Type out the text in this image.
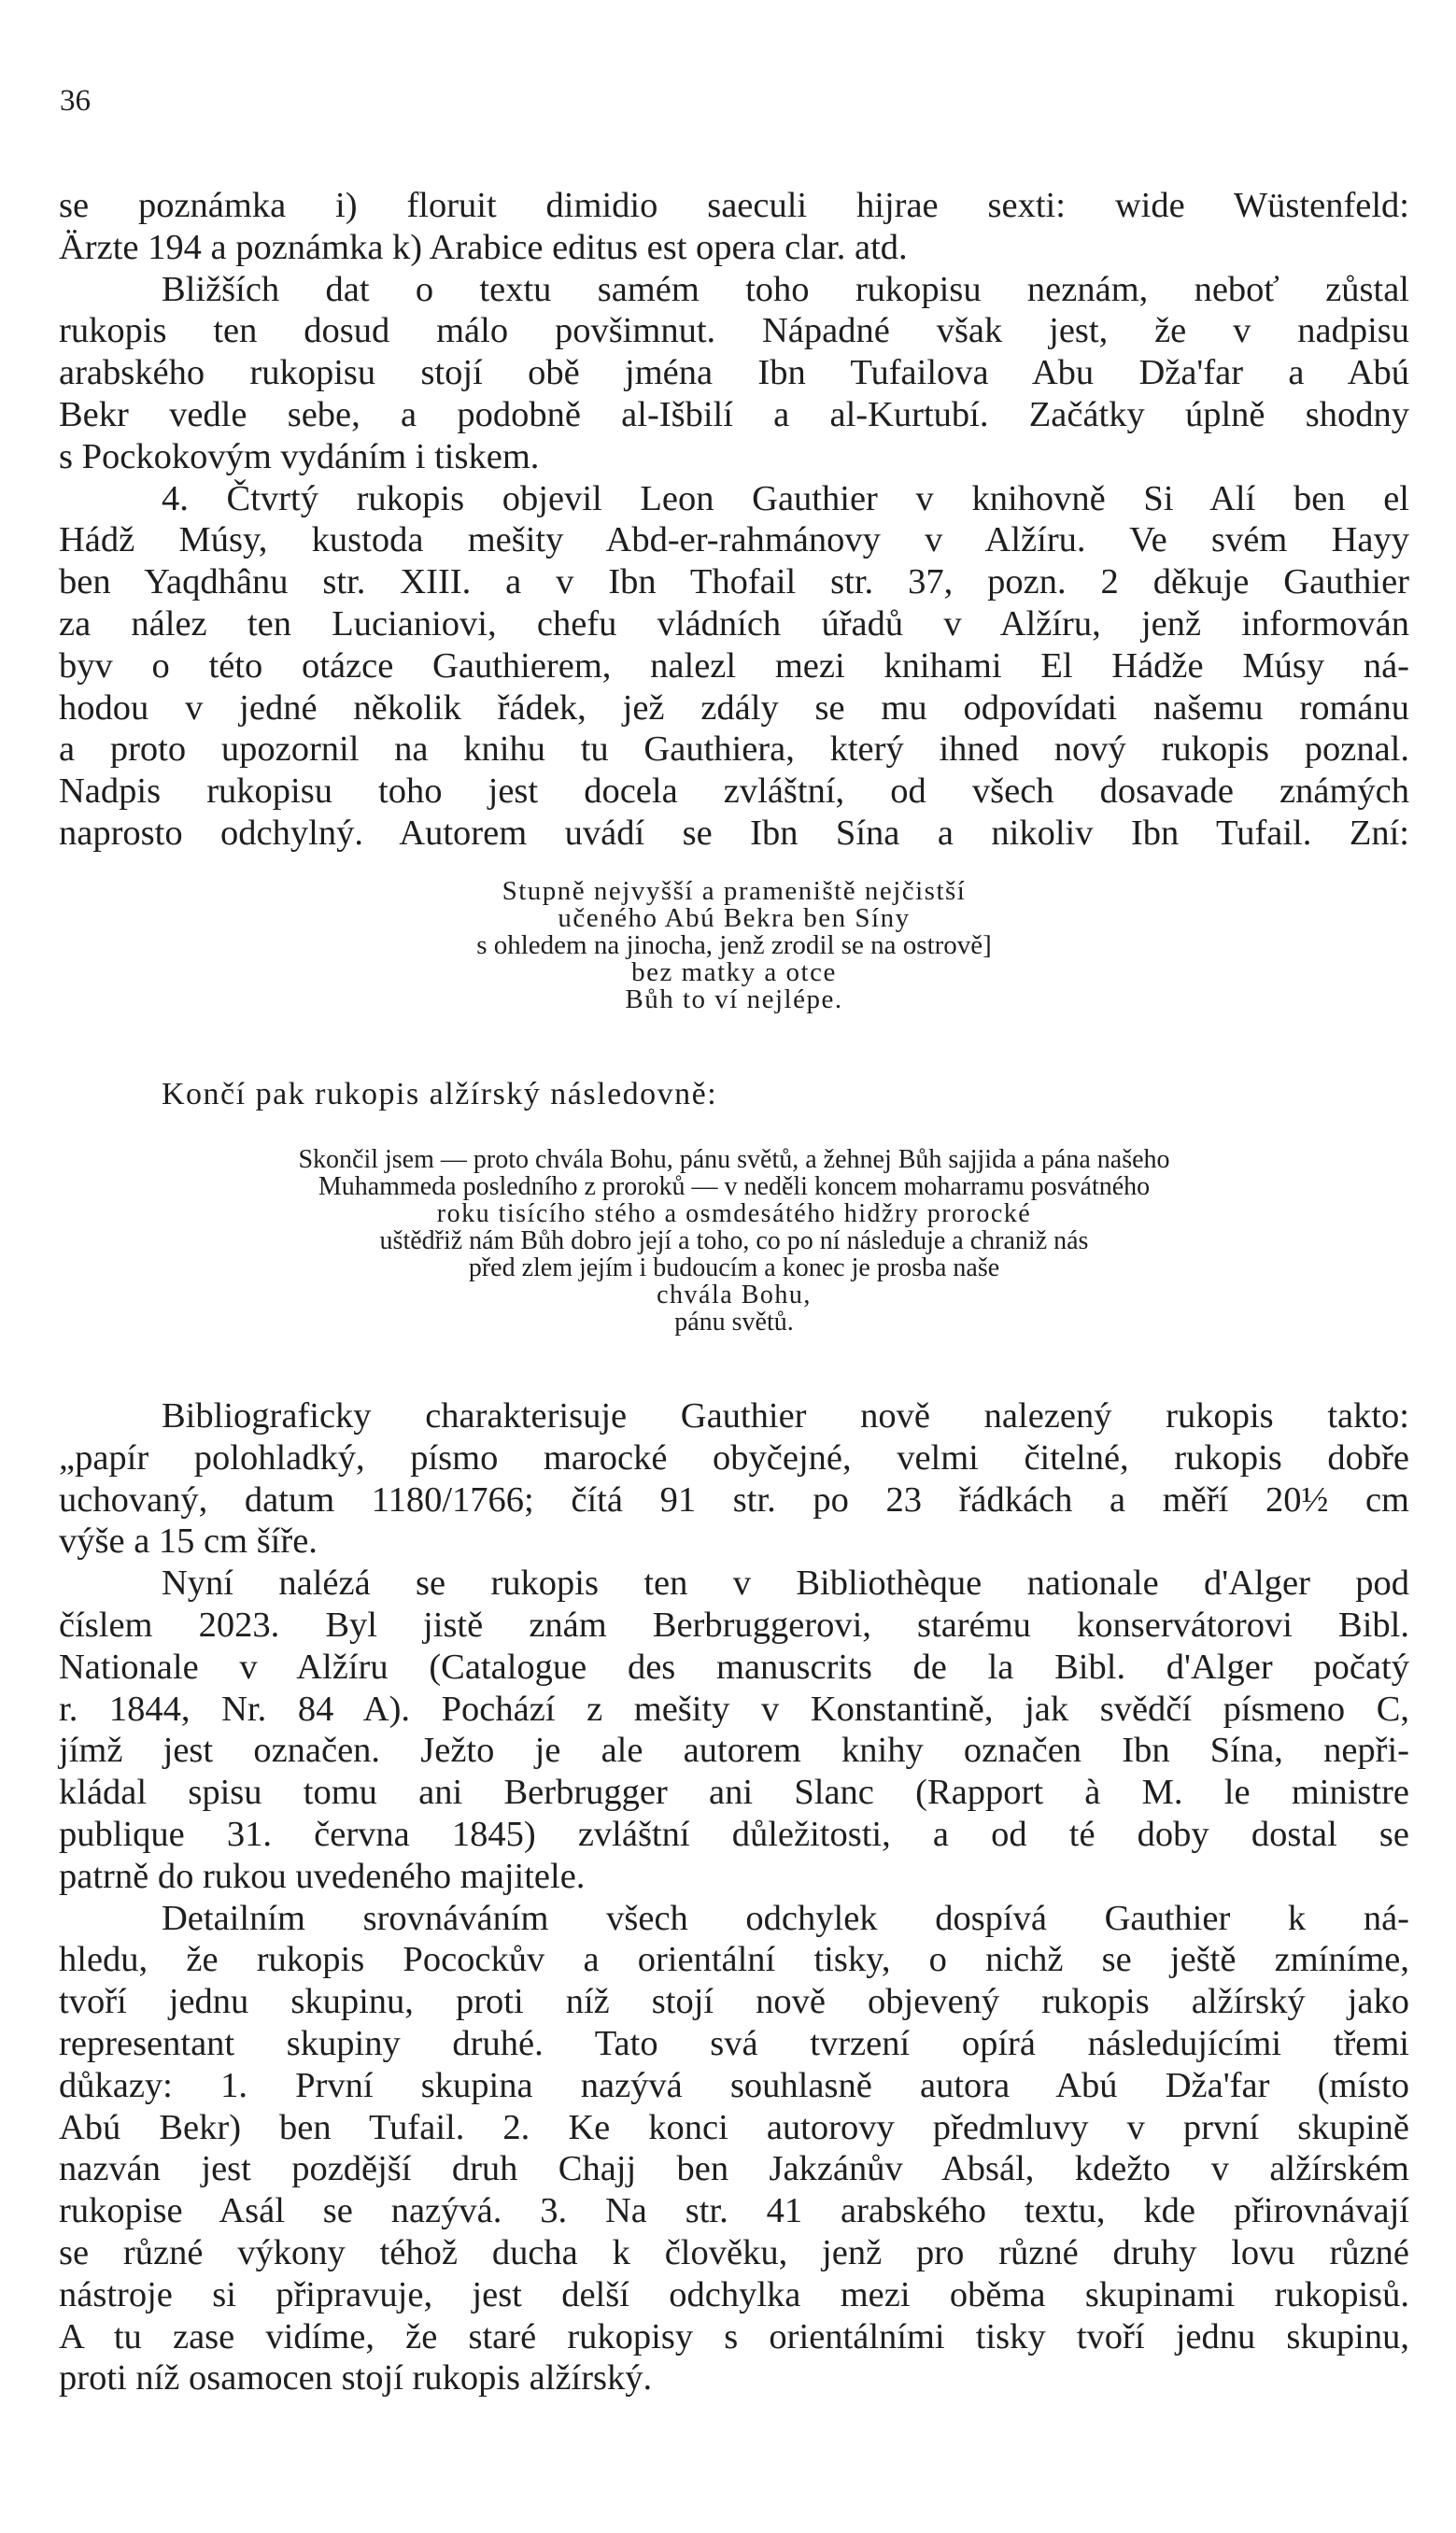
36
se poznámka i) floruit dimidio saeculi hijrae sexti: wide Wüstenfeld:
Ärzte 194 a poznámka k) Arabice editus est opera clar. atd.
Bližších dat o textu samém toho rukopisu neznám, neboť zůstal
rukopis ten dosud málo povšimnut. Nápadné však jest, že v nadpisu
arabského rukopisu stojí obě jména Ibn Tufailova Abu Dža'far a Abú
Bekr vedle sebe, a podobně al-Išbilí a al-Kurtubí. Začátky úplně shodny
s Pockokovým vydáním i tiskem.
4. Čtvrtý rukopis objevil Leon Gauthier v knihovně Si Alí ben el
Hádž Músy, kustoda mešity Abd-er-rahmánovy v Alžíru. Ve svém Hayy
ben Yaqdhânu str. XIII. a v Ibn Thofail str. 37, pozn. 2 děkuje Gauthier
za nález ten Lucianiovi, chefu vládních úřadů v Alžíru, jenž informován
byv o této otázce Gauthierem, nalezl mezi knihami El Hádže Músy ná-
hodou v jedné několik řádek, jež zdály se mu odpovídati našemu románu
a proto upozornil na knihu tu Gauthiera, který ihned nový rukopis poznal.
Nadpis rukopisu toho jest docela zvláštní, od všech dosavade známých
naprosto odchylný. Autorem uvádí se Ibn Sína a nikoliv Ibn Tufail. Zní:
Stupně nejvyšší a prameniště nejčistší
učeného Abú Bekra ben Síny
s ohledem na jinocha, jenž zrodil se na ostrově]
bez matky a otce
Bůh to ví nejlépe.
Končí pak rukopis alžírský následovně:
Skončil jsem — proto chvála Bohu, pánu světů, a žehnej Bůh sajjida a pána našeho
Muhammeda posledního z proroků — v neděli koncem moharramu posvátného
roku tisícího stého a osmdesátého hidžry prorocké
uštědřiž nám Bůh dobro její a toho, co po ní následuje a chraniž nás
před zlem jejím i budoucím a konec je prosba naše
chvála Bohu,
pánu světů.
Bibliograficky charakterisuje Gauthier nově nalezený rukopis takto:
„papír polohladký, písmo marocké obyčejné, velmi čitelné, rukopis dobře
uchovaný, datum 1180/1766; čítá 91 str. po 23 řádkách a měří 20½ cm
výše a 15 cm šíře.
Nyní nalézá se rukopis ten v Bibliothèque nationale d'Alger pod
číslem 2023. Byl jistě znám Berbruggerovi, starému konservátorovi Bibl.
Nationale v Alžíru (Catalogue des manuscrits de la Bibl. d'Alger počatý
r. 1844, Nr. 84 A). Pochází z mešity v Konstantině, jak svědčí písmeno C,
jímž jest označen. Ježto je ale autorem knihy označen Ibn Sína, nepři-
kládal spisu tomu ani Berbrugger ani Slanc (Rapport à M. le ministre
publique 31. června 1845) zvláštní důležitosti, a od té doby dostal se
patrně do rukou uvedeného majitele.
Detailním srovnáváním všech odchylek dospívá Gauthier k ná-
hledu, že rukopis Pocockův a orientální tisky, o nichž se ještě zmíníme,
tvoří jednu skupinu, proti níž stojí nově objevený rukopis alžírský jako
representant skupiny druhé. Tato svá tvrzení opírá následujícími třemi
důkazy: 1. První skupina nazývá souhlasně autora Abú Dža'far (místo
Abú Bekr) ben Tufail. 2. Ke konci autorovy předmluvy v první skupině
nazván jest pozdější druh Chajj ben Jakzánův Absál, kdežto v alžírském
rukopise Asál se nazývá. 3. Na str. 41 arabského textu, kde přirovnávají
se různé výkony téhož ducha k člověku, jenž pro různé druhy lovu různé
nástroje si připravuje, jest delší odchylka mezi oběma skupinami rukopisů.
A tu zase vidíme, že staré rukopisy s orientálními tisky tvoří jednu skupinu,
proti níž osamocen stojí rukopis alžírský.
